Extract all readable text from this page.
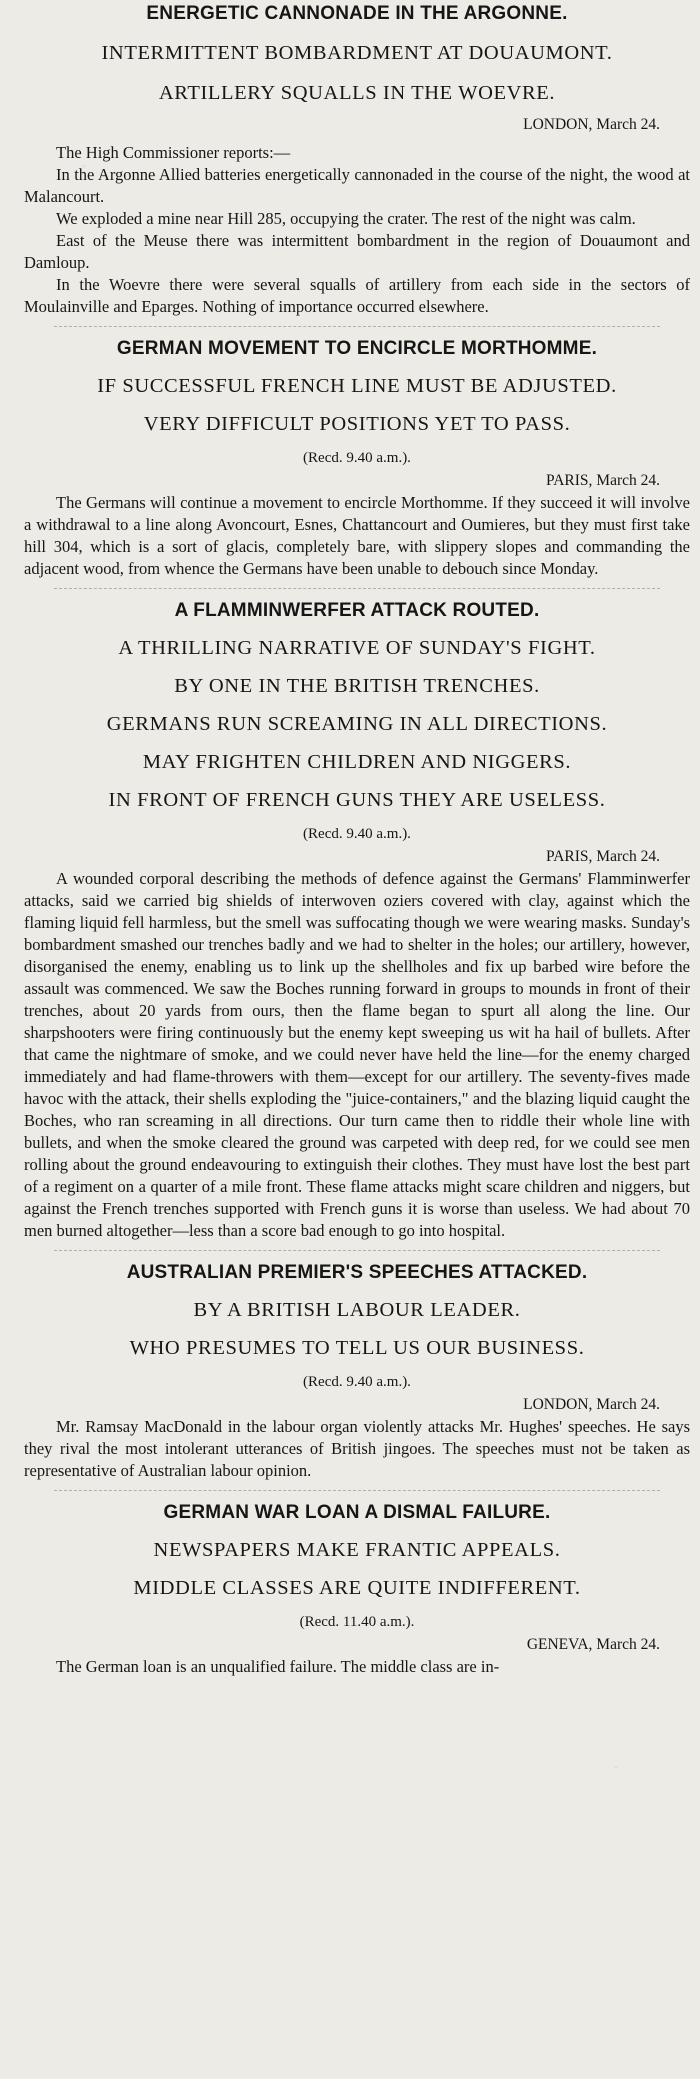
ENERGETIC CANNONADE IN THE ARGONNE.
INTERMITTENT BOMBARDMENT AT DOUAUMONT.
ARTILLERY SQUALLS IN THE WOEVRE.
LONDON, March 24.

The High Commissioner reports:—

In the Argonne Allied batteries energetically cannonaded in the course of the night, the wood at Malancourt.

We exploded a mine near Hill 285, occupying the crater. The rest of the night was calm.

East of the Meuse there was intermittent bombardment in the region of Douaumont and Damloup.

In the Woevre there were several squalls of artillery from each side in the sectors of Moulainville and Eparges. Nothing of importance occurred elsewhere.

GERMAN MOVEMENT TO ENCIRCLE MORTHOMME.
IF SUCCESSFUL FRENCH LINE MUST BE ADJUSTED.
VERY DIFFICULT POSITIONS YET TO PASS.
(Recd. 9.40 a.m.).
PARIS, March 24.

The Germans will continue a movement to encircle Morthomme. If they succeed it will involve a withdrawal to a line along Avoncourt, Esnes, Chattancourt and Oumieres, but they must first take hill 304, which is a sort of glacis, completely bare, with slippery slopes and commanding the adjacent wood, from whence the Germans have been unable to debouch since Monday.

A FLAMMINWERFER ATTACK ROUTED.
A THRILLING NARRATIVE OF SUNDAY'S FIGHT.
BY ONE IN THE BRITISH TRENCHES.
GERMANS RUN SCREAMING IN ALL DIRECTIONS.
MAY FRIGHTEN CHILDREN AND NIGGERS.
IN FRONT OF FRENCH GUNS THEY ARE USELESS.
(Recd. 9.40 a.m.).
PARIS, March 24.

A wounded corporal describing the methods of defence against the Germans' Flamminwerfer attacks, said we carried big shields of interwoven oziers covered with clay, against which the flaming liquid fell harmless, but the smell was suffocating though we were wearing masks. Sunday's bombardment smashed our trenches badly and we had to shelter in the holes; our artillery, however, disorganised the enemy, enabling us to link up the shellholes and fix up barbed wire before the assault was commenced. We saw the Boches running forward in groups to mounds in front of their trenches, about 20 yards from ours, then the flame began to spurt all along the line. Our sharpshooters were firing continuously but the enemy kept sweeping us wit ha hail of bullets. After that came the nightmare of smoke, and we could never have held the line—for the enemy charged immediately and had flame-throwers with them—except for our artillery. The seventy-fives made havoc with the attack, their shells exploding the "juice-containers," and the blazing liquid caught the Boches, who ran screaming in all directions. Our turn came then to riddle their whole line with bullets, and when the smoke cleared the ground was carpeted with deep red, for we could see men rolling about the ground endeavouring to extinguish their clothes. They must have lost the best part of a regiment on a quarter of a mile front. These flame attacks might scare children and niggers, but against the French trenches supported with French guns it is worse than useless. We had about 70 men burned altogether—less than a score bad enough to go into hospital.

AUSTRALIAN PREMIER'S SPEECHES ATTACKED.
BY A BRITISH LABOUR LEADER.
WHO PRESUMES TO TELL US OUR BUSINESS.
(Recd. 9.40 a.m.).
LONDON, March 24.

Mr. Ramsay MacDonald in the labour organ violently attacks Mr. Hughes' speeches. He says they rival the most intolerant utterances of British jingoes. The speeches must not be taken as representative of Australian labour opinion.

GERMAN WAR LOAN A DISMAL FAILURE.
NEWSPAPERS MAKE FRANTIC APPEALS.
MIDDLE CLASSES ARE QUITE INDIFFERENT.
(Recd. 11.40 a.m.).
GENEVA, March 24.

The German loan is an unqualified failure. The middle class are in-
